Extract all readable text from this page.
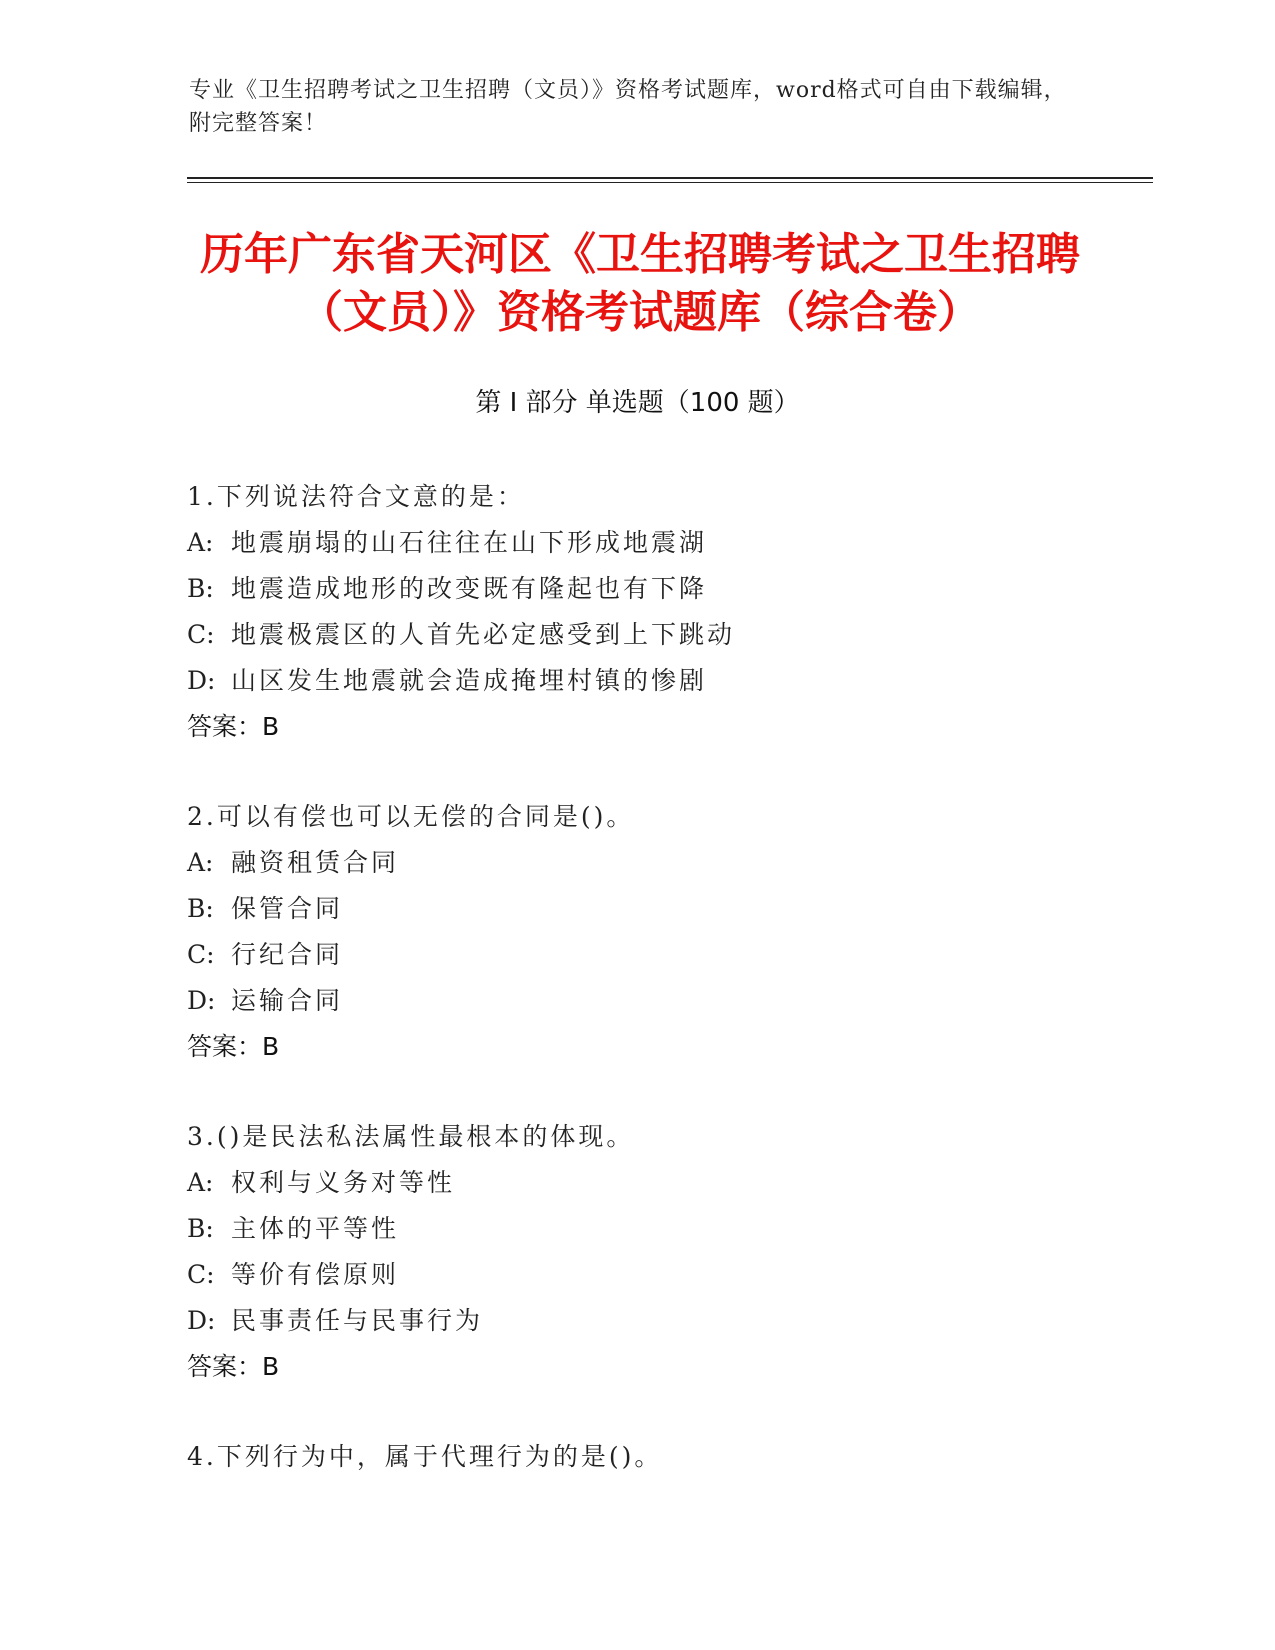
专业《卫生招聘考试之卫生招聘（文员）》资格考试题库，word格式可自由下载编辑，附完整答案！
历年广东省天河区《卫生招聘考试之卫生招聘（文员）》资格考试题库（综合卷）
第 I 部分 单选题（100 题）
1.下列说法符合文意的是：
A: 地震崩塌的山石往往在山下形成地震湖
B: 地震造成地形的改变既有隆起也有下降
C: 地震极震区的人首先必定感受到上下跳动
D: 山区发生地震就会造成掩埋村镇的惨剧
答案：B
2.可以有偿也可以无偿的合同是()。
A: 融资租赁合同
B: 保管合同
C: 行纪合同
D: 运输合同
答案：B
3.()是民法私法属性最根本的体现。
A: 权利与义务对等性
B: 主体的平等性
C: 等价有偿原则
D: 民事责任与民事行为
答案：B
4.下列行为中，属于代理行为的是()。
